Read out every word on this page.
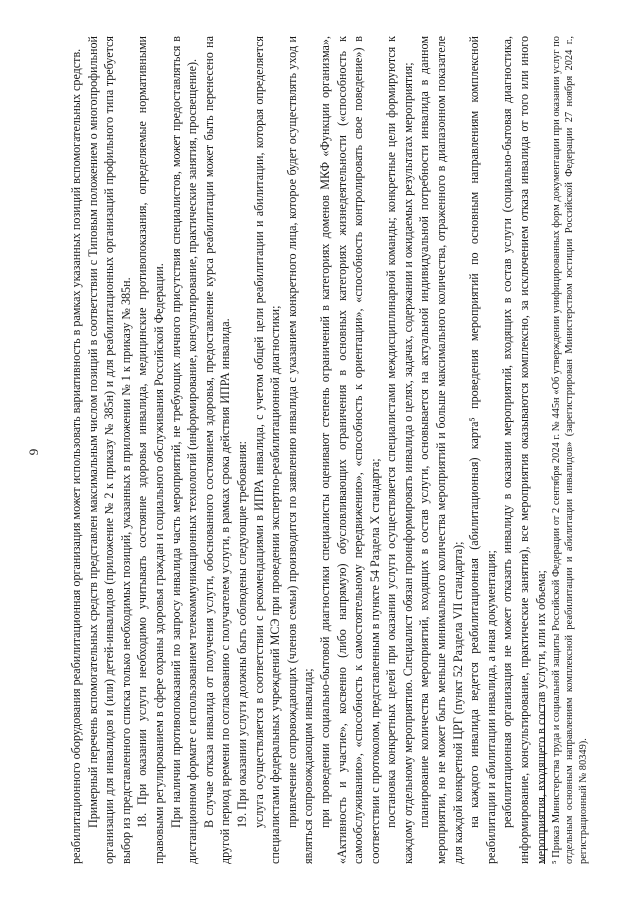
9 реабилитационного оборудования реабилитационная организация может использовать вариативность в рамках указанных позиций вспомогательных средств. Примерный перечень вспомогательных средств представлен максимальным числом позиций в соответствии с Типовым положением о многопрофильной организации для инвалидов и (или) детей-инвалидов (приложение № 2 к приказу № 385н) и для реабилитационных организаций профильного типа требуется выбор из представленного списка только необходимых позиций, указанных в приложении № 1 к приказу № 385н. 18. При оказании услуги необходимо учитывать состояние здоровья инвалида, медицинские противопоказания, определяемые нормативными правовыми регулированием в сфере охраны здоровья граждан и социального обслуживания Российской Федерации. При наличии противопоказаний по запросу инвалида часть мероприятий, не требующих личного присутствия специалистов, может предоставляться в дистанционном формате с использованием телекоммуникационных технологий (информирование, консультирование, практические занятия, просвещение). В случае отказа инвалида от получения услуги, обоснованного состоянием здоровья, предоставление курса реабилитации может быть перенесено на другой период времени по согласованию с получателем услуги, в рамках срока действия ИПРА инвалида. 19. При оказании услуги должны быть соблюдены следующие требования: услуга осуществляется в соответствии с рекомендациями в ИПРА инвалида, с учетом общей цели реабилитации и абилитации, которая определяется специалистами федеральных учреждений МСЭ при проведении экспертно-реабилитационной диагностики; привлечение сопровождающих (членов семьи) производится по заявлению инвалида с указанием конкретного лица, которое будет осуществлять уход и являться сопровождающим инвалида; при проведении социально-бытовой диагностики специалисты оценивают степень ограничений в категориях доменов МКФ «Функции организма», «Активность и участие», косвенно (либо напрямую) обусловливающих ограничения в основных категориях жизнедеятельности («способность к самообслуживанию», «способность к самостоятельному передвижению», «способность к ориентации», «способность контролировать свое поведение») в соответствии с протоколом, представленным в пункте 54 Раздела X стандарта; постановка конкретных целей при оказании услуги осуществляется специалистами междисциплинарной команды; конкретные цели формируются к каждому отдельному мероприятию. Специалист обязан проинформировать инвалида о целях, задачах, содержании и ожидаемых результатах мероприятия; планирование количества мероприятий, входящих в состав услуги, основывается на актуальной индивидуальной потребности инвалида в данном мероприятии, но не может быть меньше минимального количества мероприятий и больше максимального количества, отраженного в диапазонном показателе для каждой конкретной ЦРГ (пункт 52 Раздела VII стандарта); на каждого инвалида ведется реабилитационная (абилитационная) карта⁵ проведения мероприятий по основным направлениям комплексной реабилитации и абилитации инвалида, а иная документация; реабилитационная организация не может отказать инвалиду в оказании мероприятий, входящих в состав услуги (социально-бытовая диагностика, информирование, консультирование, практические занятия), все мероприятия оказываются комплексно, за исключением отказа инвалида от того или иного мероприятия, входящего в состав услуги, или их объема; ⁵ Приказ Министерства труда и социальной защиты Российской Федерации от 2 сентября 2024 г. № 445н «Об утверждении унифицированных форм документации при оказании услуг по отдельным основным направлениям комплексной реабилитации и абилитации инвалидов» (зарегистрирован Министерством юстиции Российской Федерации 27 ноября 2024 г., регистрационный № 80349).
